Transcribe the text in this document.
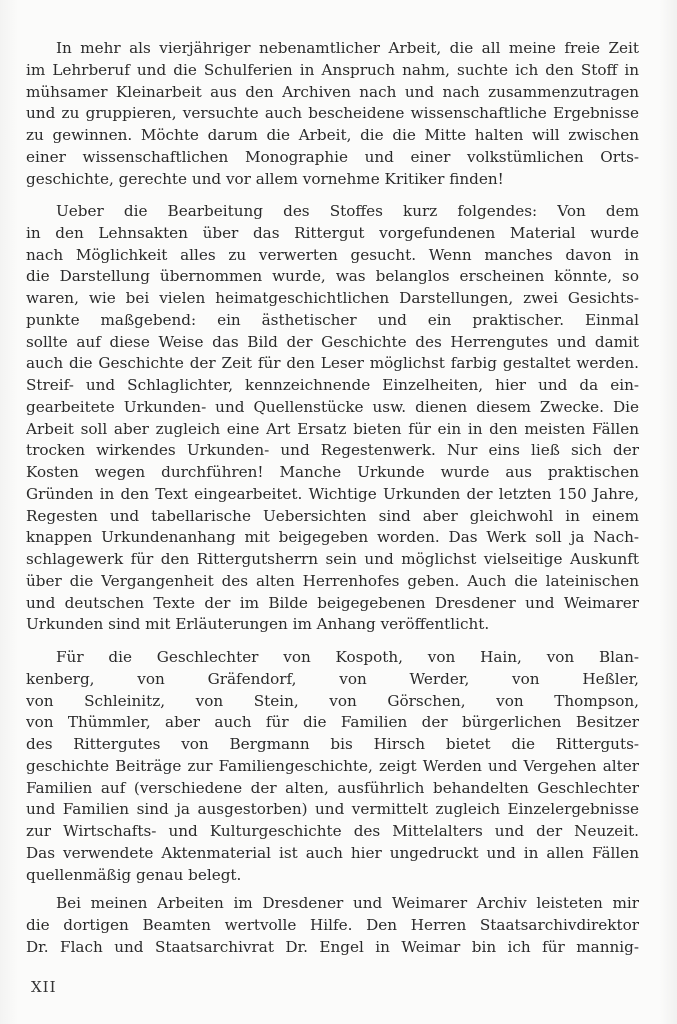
In mehr als vierjähriger nebenamtlicher Arbeit, die all meine freie Zeit
im Lehrberuf und die Schulferien in Anspruch nahm, suchte ich den Stoff in
mühsamer Kleinarbeit aus den Archiven nach und nach zusammenzutragen
und zu gruppieren, versuchte auch bescheidene wissenschaftliche Ergebnisse
zu gewinnen. Möchte darum die Arbeit, die die Mitte halten will zwischen
einer wissenschaftlichen Monographie und einer volkstümlichen Orts-
geschichte, gerechte und vor allem vornehme Kritiker finden!
Ueber die Bearbeitung des Stoffes kurz folgendes: Von dem
in den Lehnsakten über das Rittergut vorgefundenen Material wurde
nach Möglichkeit alles zu verwerten gesucht. Wenn manches davon in
die Darstellung übernommen wurde, was belanglos erscheinen könnte, so
waren, wie bei vielen heimatgeschichtlichen Darstellungen, zwei Gesichts-
punkte maßgebend: ein ästhetischer und ein praktischer. Einmal
sollte auf diese Weise das Bild der Geschichte des Herrengutes und damit
auch die Geschichte der Zeit für den Leser möglichst farbig gestaltet werden.
Streif- und Schlaglichter, kennzeichnende Einzelheiten, hier und da ein-
gearbeitete Urkunden- und Quellenstücke usw. dienen diesem Zwecke. Die
Arbeit soll aber zugleich eine Art Ersatz bieten für ein in den meisten Fällen
trocken wirkendes Urkunden- und Regestenwerk. Nur eins ließ sich der
Kosten wegen durchführen! Manche Urkunde wurde aus praktischen
Gründen in den Text eingearbeitet. Wichtige Urkunden der letzten 150 Jahre,
Regesten und tabellarische Uebersichten sind aber gleichwohl in einem
knappen Urkundenanhang mit beigegeben worden. Das Werk soll ja Nach-
schlagewerk für den Rittergutsherrn sein und möglichst vielseitige Auskunft
über die Vergangenheit des alten Herrenhofes geben. Auch die lateinischen
und deutschen Texte der im Bilde beigegebenen Dresdener und Weimarer
Urkunden sind mit Erläuterungen im Anhang veröffentlicht.
Für die Geschlechter von Kospoth, von Hain, von Blan-
kenberg, von Gräfendorf, von Werder, von Heßler,
von Schleinitz, von Stein, von Görschen, von Thompson,
von Thümmler, aber auch für die Familien der bürgerlichen Besitzer
des Rittergutes von Bergmann bis Hirsch bietet die Ritterguts-
geschichte Beiträge zur Familiengeschichte, zeigt Werden und Vergehen alter
Familien auf (verschiedene der alten, ausführlich behandelten Geschlechter
und Familien sind ja ausgestorben) und vermittelt zugleich Einzelergebnisse
zur Wirtschafts- und Kulturgeschichte des Mittelalters und der Neuzeit.
Das verwendete Aktenmaterial ist auch hier ungedruckt und in allen Fällen
quellenmäßig genau belegt.
Bei meinen Arbeiten im Dresdener und Weimarer Archiv leisteten mir
die dortigen Beamten wertvolle Hilfe. Den Herren Staatsarchivdirektor
Dr. Flach und Staatsarchivrat Dr. Engel in Weimar bin ich für mannig-
XII
